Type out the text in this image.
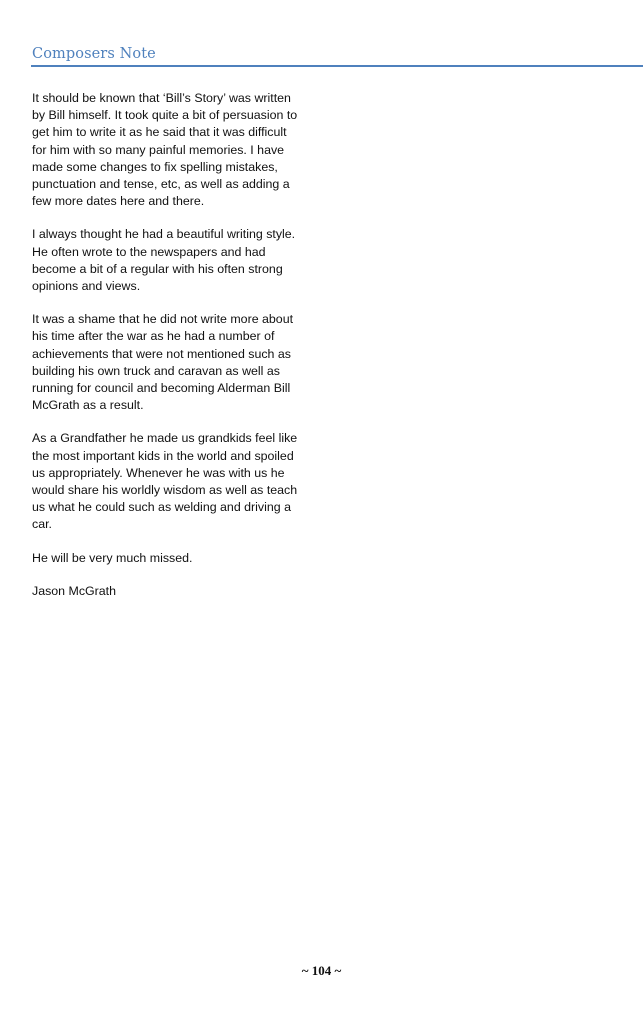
Composers Note

It should be known that ‘Bill’s Story’ was written
by Bill himself. It took quite a bit of persuasion to
get him to write it as he said that it was difficult
for him with so many painful memories. I have
made some changes to fix spelling mistakes,
punctuation and tense, etc, as well as adding a
few more dates here and there.

I always thought he had a beautiful writing style.
He often wrote to the newspapers and had
become a bit of a regular with his often strong
opinions and views.

It was a shame that he did not write more about
his time after the war as he had a number of
achievements that were not mentioned such as
building his own truck and caravan as well as
running for council and becoming Alderman Bill
McGrath as a result.

As a Grandfather he made us grandkids feel like
the most important kids in the world and spoiled
us appropriately. Whenever he was with us he
would share his worldly wisdom as well as teach
us what he could such as welding and driving a
car.

He will be very much missed.

Jason McGrath

~ 104 ~
